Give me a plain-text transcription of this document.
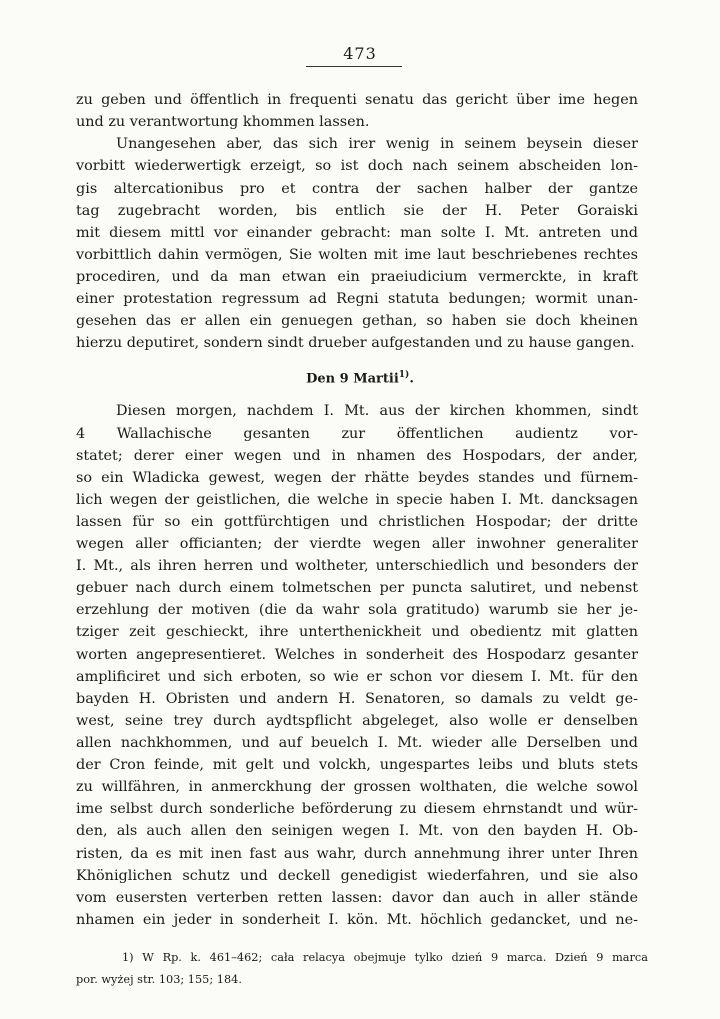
473
zu geben und öffentlich in frequenti senatu das gericht über ime hegen
und zu verantwortung khommen lassen.
Unangesehen aber, das sich irer wenig in seinem beysein dieser
vorbitt wiederwertigk erzeigt, so ist doch nach seinem abscheiden lon-
gis altercationibus pro et contra der sachen halber der gantze
tag zugebracht worden, bis entlich sie der H. Peter Goraiski
mit diesem mittl vor einander gebracht: man solte I. Mt. antreten und
vorbittlich dahin vermögen, Sie wolten mit ime laut beschriebenes rechtes
procediren, und da man etwan ein praeiudicium vermerckte, in kraft
einer protestation regressum ad Regni statuta bedungen; wormit unan-
gesehen das er allen ein genuegen gethan, so haben sie doch kheinen
hierzu deputiret, sondern sindt drueber aufgestanden und zu hause gangen.
Den 9 Martii$^{1)}$.
Diesen morgen, nachdem I. Mt. aus der kirchen khommen, sindt
4 Wallachische gesanten zur öffentlichen audientz vor-
statet; derer einer wegen und in nhamen des Hospodars, der ander,
so ein Wladicka gewest, wegen der rhätte beydes standes und fürnem-
lich wegen der geistlichen, die welche in specie haben I. Mt. dancksagen
lassen für so ein gottfürchtigen und christlichen Hospodar; der dritte
wegen aller officianten; der vierdte wegen aller inwohner generaliter
I. Mt., als ihren herren und woltheter, unterschiedlich und besonders der
gebuer nach durch einem tolmetschen per puncta salutiret, und nebenst
erzehlung der motiven (die da wahr sola gratitudo) warumb sie her je-
tziger zeit geschieckt, ihre unterthenickheit und obedientz mit glatten
worten angepresentieret. Welches in sonderheit des Hospodarz gesanter
amplificiret und sich erboten, so wie er schon vor diesem I. Mt. für den
bayden H. Obristen und andern H. Senatoren, so damals zu veldt ge-
west, seine trey durch aydtspflicht abgeleget, also wolle er denselben
allen nachkhommen, und auf beuelch I. Mt. wieder alle Derselben und
der Cron feinde, mit gelt und volckh, ungespartes leibs und bluts stets
zu willfähren, in anmerckhung der grossen wolthaten, die welche sowol
ime selbst durch sonderliche beförderung zu diesem ehrnstandt und wür-
den, als auch allen den seinigen wegen I. Mt. von den bayden H. Ob-
risten, da es mit inen fast aus wahr, durch annehmung ihrer unter Ihren
Khöniglichen schutz und deckell genedigist wiederfahren, und sie also
vom eusersten verterben retten lassen: davor dan auch in aller stände
nhamen ein jeder in sonderheit I. kön. Mt. höchlich gedancket, und ne-
1) W Rp. k. 461–462; cała relacya obejmuje tylko dzień 9 marca. Dzień 9 marca
por. wyżej str. 103; 155; 184.
